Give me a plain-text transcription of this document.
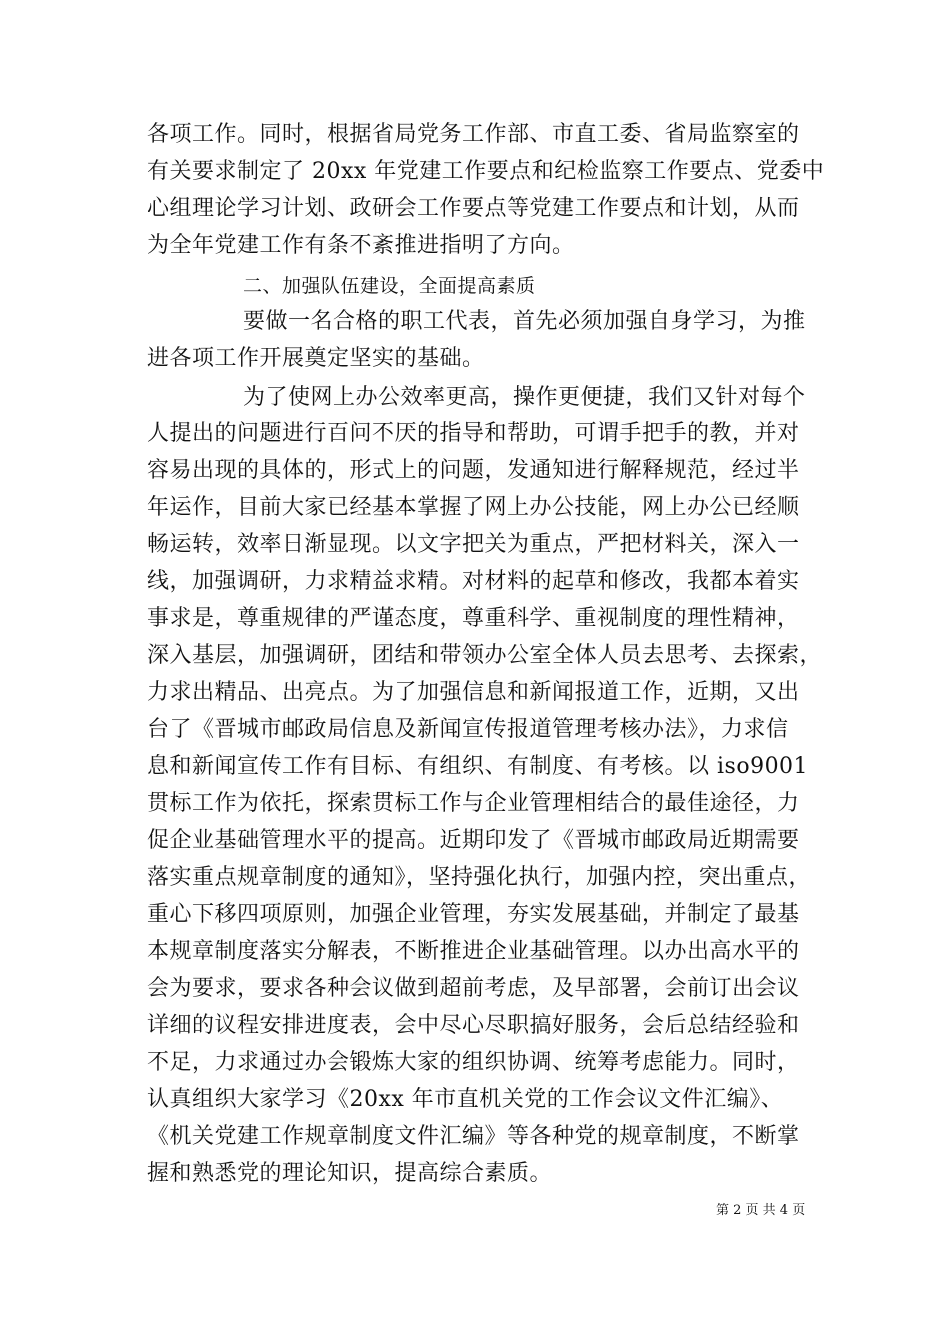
各项工作。同时，根据省局党务工作部、市直工委、省局监察室的
有关要求制定了 20xx 年党建工作要点和纪检监察工作要点、党委中
心组理论学习计划、政研会工作要点等党建工作要点和计划，从而
为全年党建工作有条不紊推进指明了方向。
二、加强队伍建设，全面提高素质
要做一名合格的职工代表，首先必须加强自身学习，为推
进各项工作开展奠定坚实的基础。
为了使网上办公效率更高，操作更便捷，我们又针对每个
人提出的问题进行百问不厌的指导和帮助，可谓手把手的教，并对
容易出现的具体的，形式上的问题，发通知进行解释规范，经过半
年运作，目前大家已经基本掌握了网上办公技能，网上办公已经顺
畅运转，效率日渐显现。以文字把关为重点，严把材料关，深入一
线，加强调研，力求精益求精。对材料的起草和修改，我都本着实
事求是，尊重规律的严谨态度，尊重科学、重视制度的理性精神，
深入基层，加强调研，团结和带领办公室全体人员去思考、去探索，
力求出精品、出亮点。为了加强信息和新闻报道工作，近期，又出
台了《晋城市邮政局信息及新闻宣传报道管理考核办法》，力求信
息和新闻宣传工作有目标、有组织、有制度、有考核。以 iso9001
贯标工作为依托，探索贯标工作与企业管理相结合的最佳途径，力
促企业基础管理水平的提高。近期印发了《晋城市邮政局近期需要
落实重点规章制度的通知》，坚持强化执行，加强内控，突出重点，
重心下移四项原则，加强企业管理，夯实发展基础，并制定了最基
本规章制度落实分解表，不断推进企业基础管理。以办出高水平的
会为要求，要求各种会议做到超前考虑，及早部署，会前订出会议
详细的议程安排进度表，会中尽心尽职搞好服务，会后总结经验和
不足，力求通过办会锻炼大家的组织协调、统筹考虑能力。同时，
认真组织大家学习《20xx 年市直机关党的工作会议文件汇编》、
《机关党建工作规章制度文件汇编》等各种党的规章制度，不断掌
握和熟悉党的理论知识，提高综合素质。
第 2 页 共 4 页
